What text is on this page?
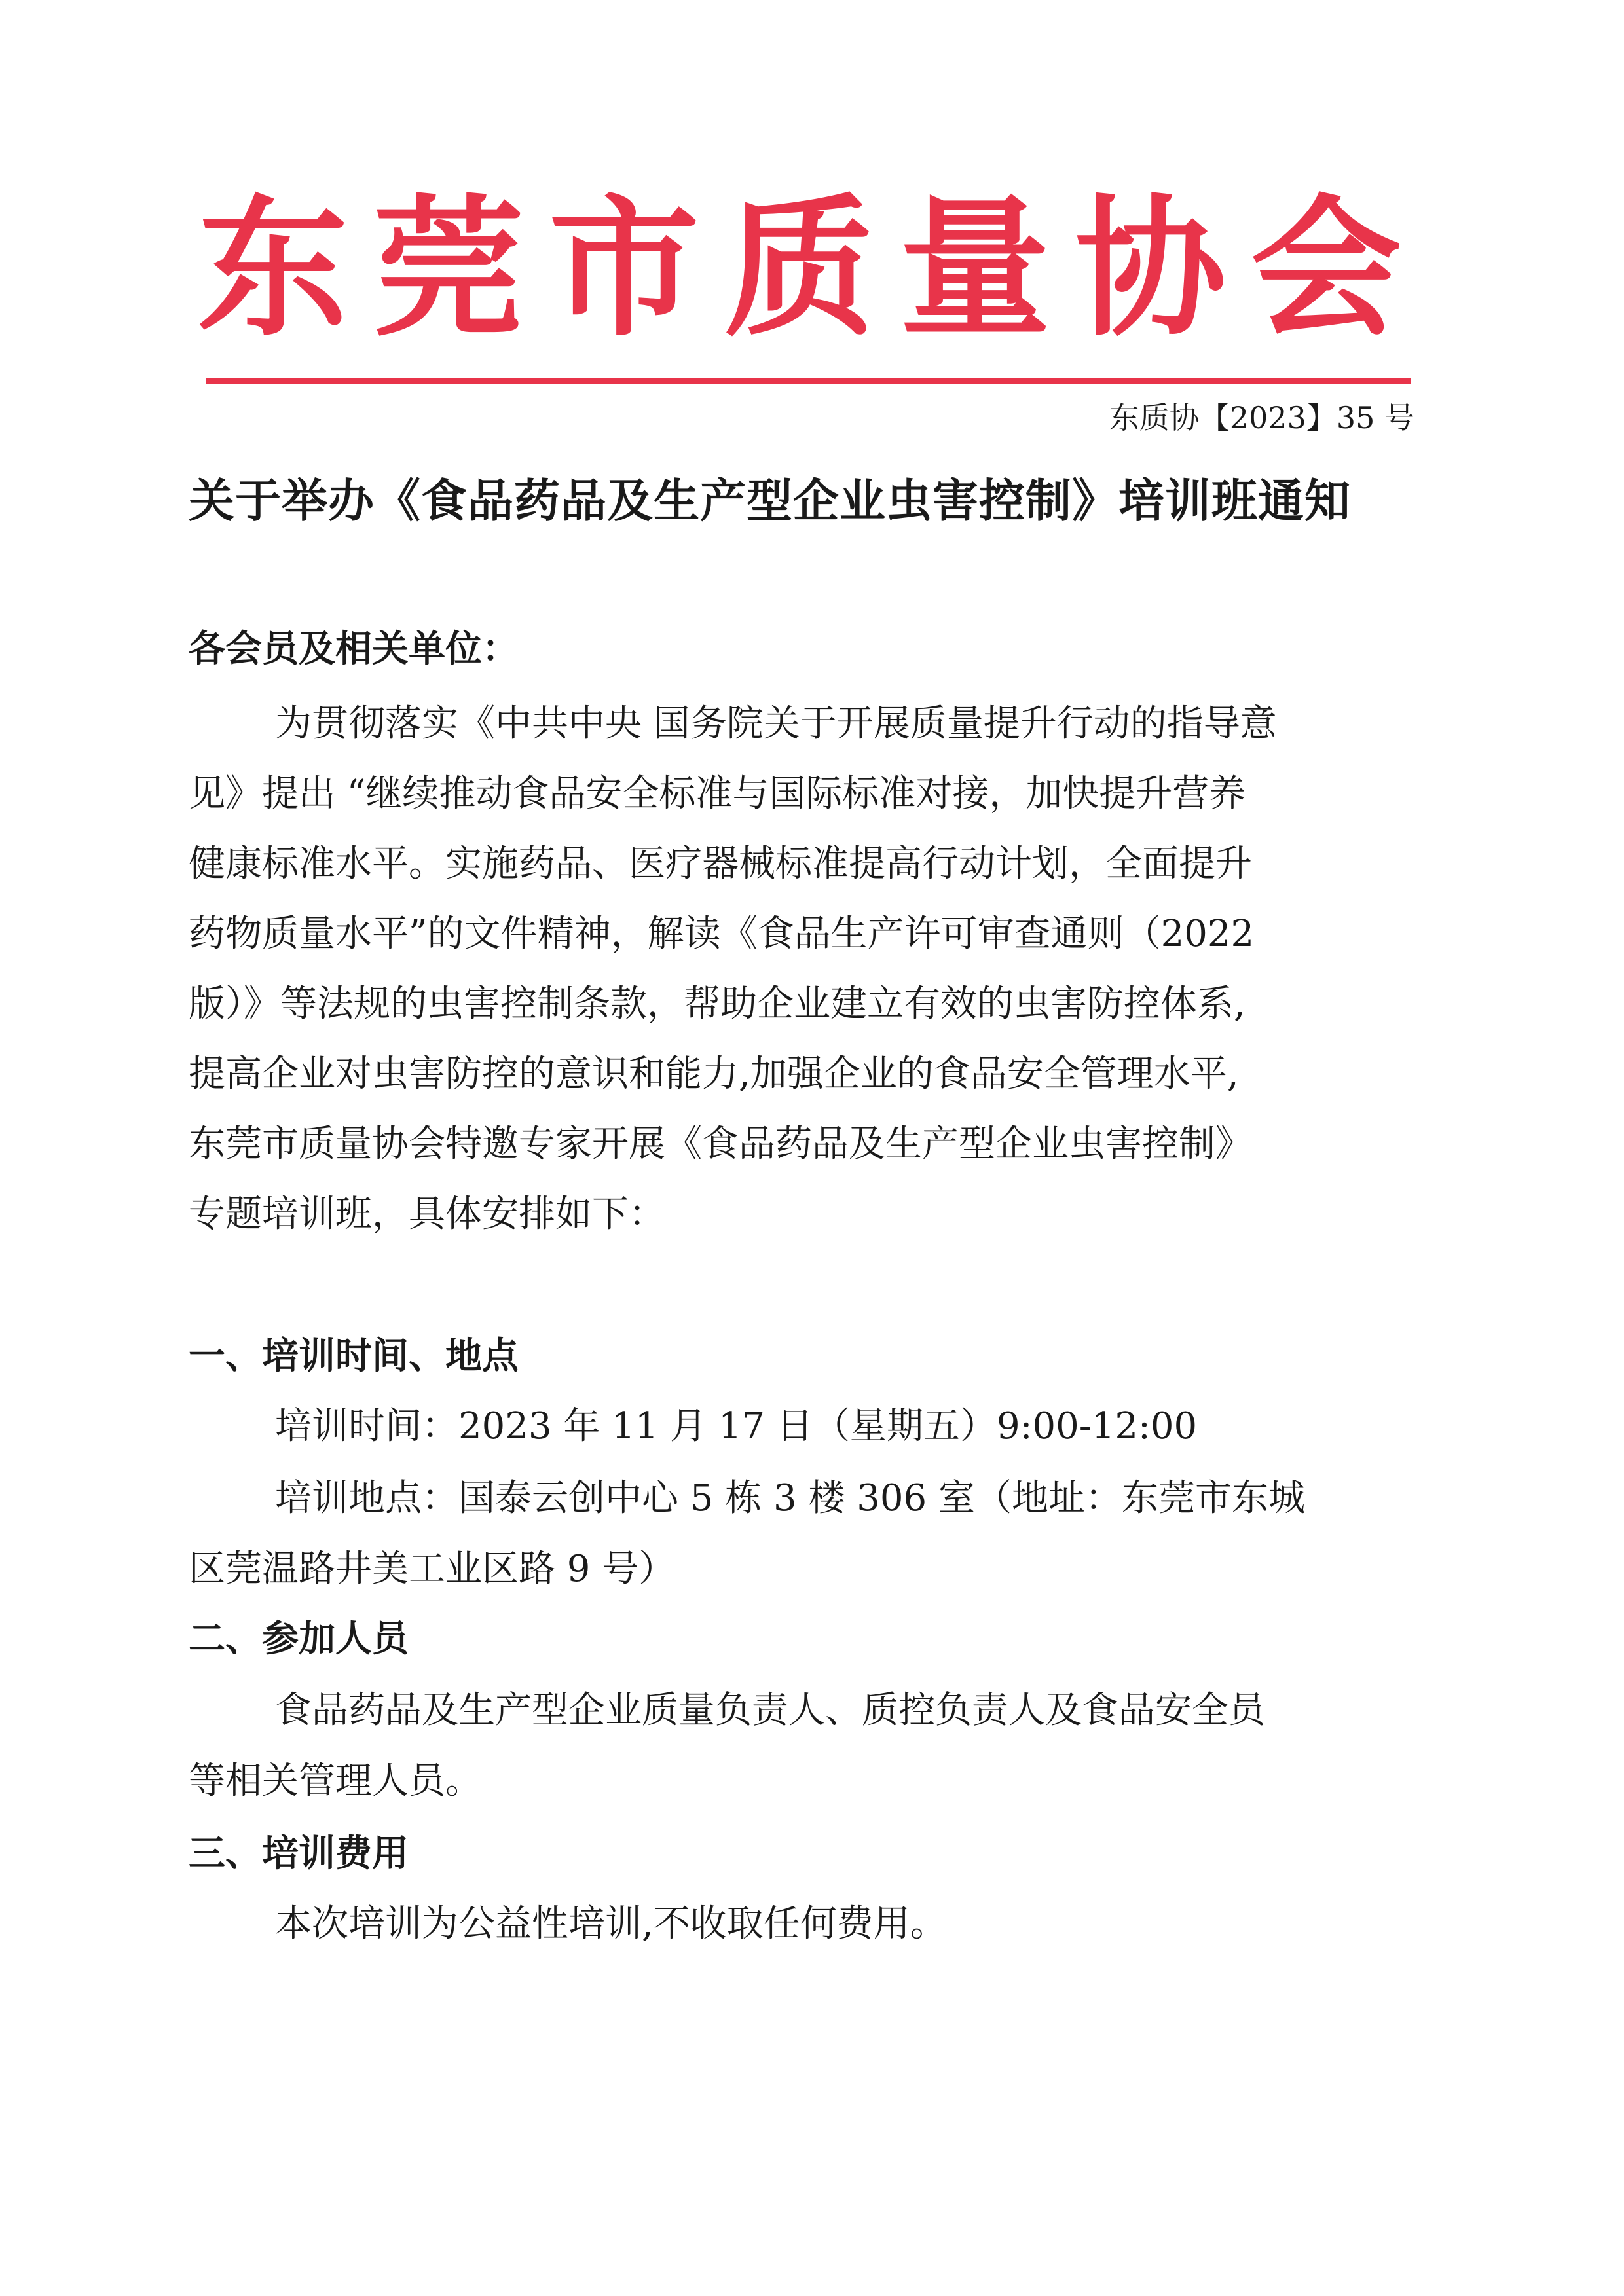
东莞市质量协会
东质协【2023】35 号
关于举办《食品药品及生产型企业虫害控制》培训班通知
各会员及相关单位：
为贯彻落实《中共中央 国务院关于开展质量提升行动的指导意
见》提出 “继续推动食品安全标准与国际标准对接，加快提升营养
健康标准水平。实施药品、医疗器械标准提高行动计划，全面提升
药物质量水平”的文件精神，解读《食品生产许可审查通则（2022
版）》等法规的虫害控制条款，帮助企业建立有效的虫害防控体系,
提高企业对虫害防控的意识和能力,加强企业的食品安全管理水平,
东莞市质量协会特邀专家开展《食品药品及生产型企业虫害控制》
专题培训班，具体安排如下：
一、培训时间、地点
培训时间：2023 年 11 月 17 日（星期五）9:00-12:00
培训地点：国泰云创中心 5 栋 3 楼 306 室（地址：东莞市东城
区莞温路井美工业区路 9 号）
二、参加人员
食品药品及生产型企业质量负责人、质控负责人及食品安全员
等相关管理人员。
三、培训费用
本次培训为公益性培训,不收取任何费用。
